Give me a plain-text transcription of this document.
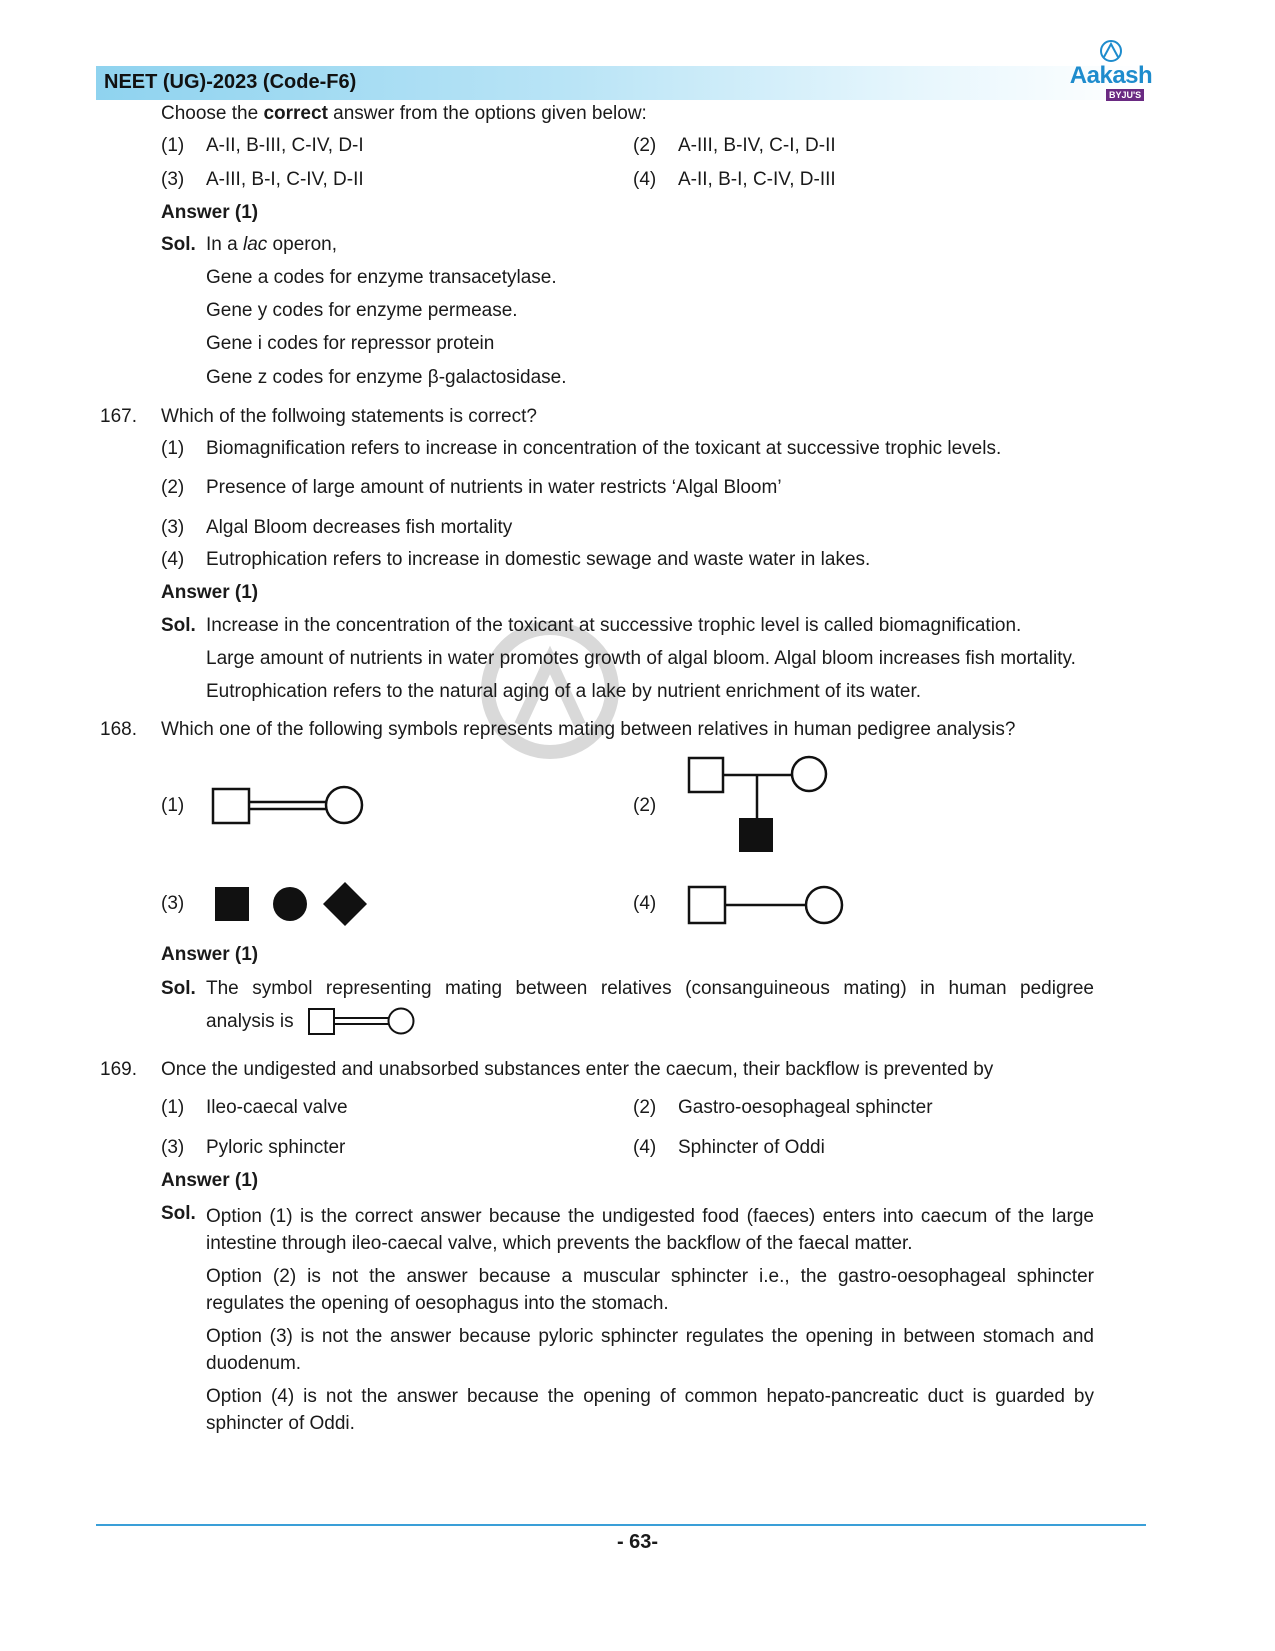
NEET (UG)-2023 (Code-F6)	Aakash
BYJU'S
Choose the correct answer from the options given below:
(1) A-II, B-III, C-IV, D-I	(2) A-III, B-IV, C-I, D-II
(3) A-III, B-I, C-IV, D-II	(4) A-II, B-I, C-IV, D-III
Answer (1)
Sol. In a lac operon,
Gene a codes for enzyme transacetylase.
Gene y codes for enzyme permease.
Gene i codes for repressor protein
Gene z codes for enzyme β-galactosidase.
167. Which of the follwoing statements is correct?
(1) Biomagnification refers to increase in concentration of the toxicant at successive trophic levels.
(2) Presence of large amount of nutrients in water restricts ‘Algal Bloom’
(3) Algal Bloom decreases fish mortality
(4) Eutrophication refers to increase in domestic sewage and waste water in lakes.
Answer (1)
Sol. Increase in the concentration of the toxicant at successive trophic level is called biomagnification.
Large amount of nutrients in water promotes growth of algal bloom. Algal bloom increases fish mortality.
Eutrophication refers to the natural aging of a lake by nutrient enrichment of its water.
168. Which one of the following symbols represents mating between relatives in human pedigree analysis?
(1)	(2)
(3)	(4)
Answer (1)
Sol. The symbol representing mating between relatives (consanguineous mating) in human pedigree
analysis is
169. Once the undigested and unabsorbed substances enter the caecum, their backflow is prevented by
(1) Ileo-caecal valve	(2) Gastro-oesophageal sphincter
(3) Pyloric sphincter	(4) Sphincter of Oddi
Answer (1)
Sol. Option (1) is the correct answer because the undigested food (faeces) enters into caecum of the large intestine through ileo-caecal valve, which prevents the backflow of the faecal matter.
Option (2) is not the answer because a muscular sphincter i.e., the gastro-oesophageal sphincter regulates the opening of oesophagus into the stomach.
Option (3) is not the answer because pyloric sphincter regulates the opening in between stomach and duodenum.
Option (4) is not the answer because the opening of common hepato-pancreatic duct is guarded by sphincter of Oddi.
- 63-
